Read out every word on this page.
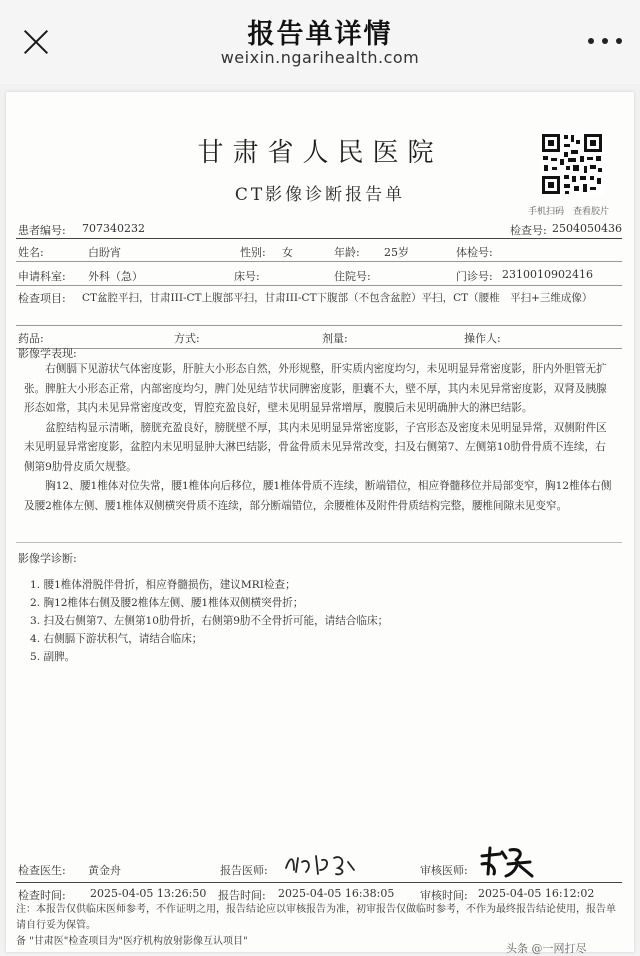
报告单详情
weixin.ngarihealth.com
甘肃省人民医院
CT影像诊断报告单
手机扫码　查看胶片
患者编号: 707340232	检查号: 2504050436
姓名:	白盼宵	性别: 女	年龄: 25岁	体检号:
申请科室: 外科（急）	床号:	住院号:	门诊号: 2310010902416
检查项目: CT盆腔平扫，甘肃III-CT上腹部平扫，甘肃III-CT下腹部（不包含盆腔）平扫，CT（腰椎　平扫+三维成像）
药品:	方式:	剂量:	操作人:
影像学表现:

右侧膈下见游状气体密度影，肝脏大小形态自然，外形规整，肝实质内密度均匀，未见明显异常密度影，肝内外胆管无扩张。脾脏大小形态正常，内部密度均匀，脾门处见结节状同脾密度影，胆囊不大，壁不厚，其内未见异常密度影，双肾及胰腺形态如常，其内未见异常密度改变，胃腔充盈良好，壁未见明显异常增厚，腹膜后未见明确肿大的淋巴结影。

盆腔结构显示清晰，膀胱充盈良好，膀胱壁不厚，其内未见明显异常密度影，子宫形态及密度未见明显异常，双侧附件区未见明显异常密度影，盆腔内未见明显肿大淋巴结影，骨盆骨质未见异常改变，扫及右侧第7、左侧第10肋骨骨质不连续，右侧第9肋骨皮质欠规整。

胸12、腰1椎体对位失常，腰1椎体向后移位，腰1椎体骨质不连续，断端错位，相应脊髓移位并局部变窄，胸12椎体右侧及腰2椎体左侧、腰1椎体双侧横突骨质不连续，部分断端错位，余腰椎体及附件骨质结构完整，腰椎间隙未见变窄。

影像学诊断:
1. 腰1椎体滑脱伴骨折，相应脊髓损伤，建议MRI检查；
2. 胸12椎体右侧及腰2椎体左侧、腰1椎体双侧横突骨折；
3. 扫及右侧第7、左侧第10肋骨折，右侧第9肋不全骨折可能，请结合临床；
4. 右侧膈下游状积气，请结合临床；
5. 副脾。
检查医生: 黄金舟	报告医师:	审核医师:
检查时间: 2025-04-05 13:26:50 报告时间: 2025-04-05 16:38:05 审核时间: 2025-04-05 16:12:02
注：本报告仅供临床医师参考，不作证明之用，报告结论应以审核报告为准，初审报告仅做临时参考，不作为最终报告结论使用，报告单请自行妥为保管。
备 "甘肃医"检查项目为"医疗机构放射影像互认项目"
头条 @一网打尽
